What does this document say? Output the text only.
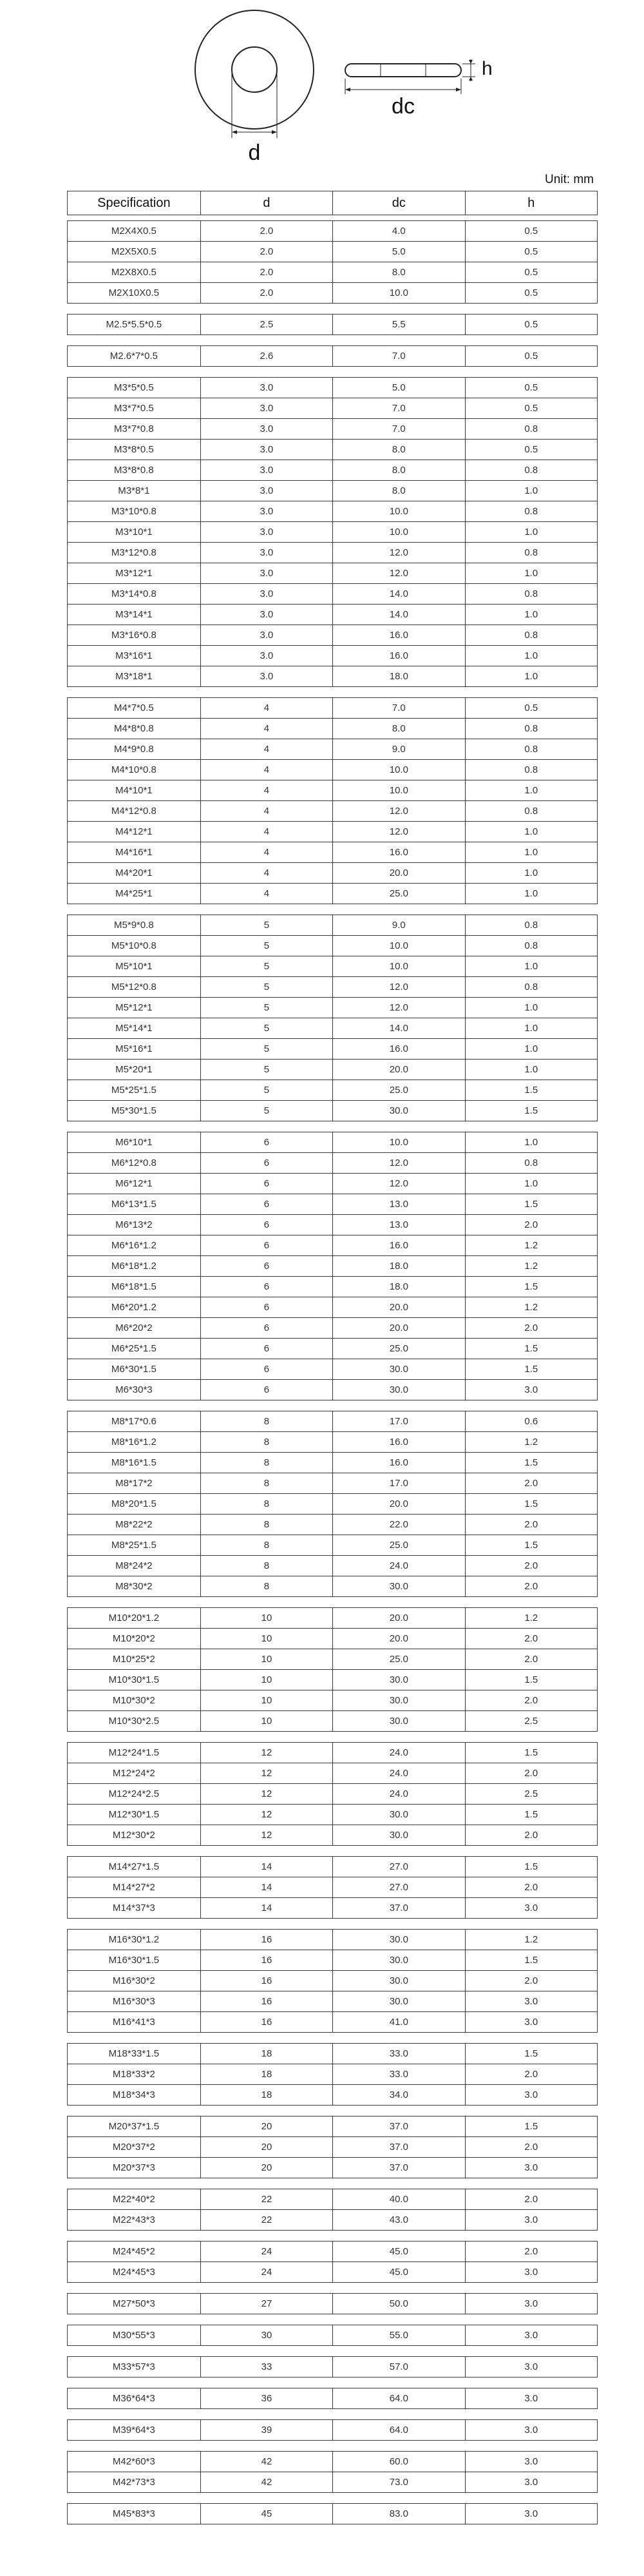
d
dc
h
Unit: mm
Specification	d	dc	h
M2X4X0.5	2.0	4.0	0.5
M2X5X0.5	2.0	5.0	0.5
M2X8X0.5	2.0	8.0	0.5
M2X10X0.5	2.0	10.0	0.5
M2.5*5.5*0.5	2.5	5.5	0.5
M2.6*7*0.5	2.6	7.0	0.5
M3*5*0.5	3.0	5.0	0.5
M3*7*0.5	3.0	7.0	0.5
M3*7*0.8	3.0	7.0	0.8
M3*8*0.5	3.0	8.0	0.5
M3*8*0.8	3.0	8.0	0.8
M3*8*1	3.0	8.0	1.0
M3*10*0.8	3.0	10.0	0.8
M3*10*1	3.0	10.0	1.0
M3*12*0.8	3.0	12.0	0.8
M3*12*1	3.0	12.0	1.0
M3*14*0.8	3.0	14.0	0.8
M3*14*1	3.0	14.0	1.0
M3*16*0.8	3.0	16.0	0.8
M3*16*1	3.0	16.0	1.0
M3*18*1	3.0	18.0	1.0
M4*7*0.5	4	7.0	0.5
M4*8*0.8	4	8.0	0.8
M4*9*0.8	4	9.0	0.8
M4*10*0.8	4	10.0	0.8
M4*10*1	4	10.0	1.0
M4*12*0.8	4	12.0	0.8
M4*12*1	4	12.0	1.0
M4*16*1	4	16.0	1.0
M4*20*1	4	20.0	1.0
M4*25*1	4	25.0	1.0
M5*9*0.8	5	9.0	0.8
M5*10*0.8	5	10.0	0.8
M5*10*1	5	10.0	1.0
M5*12*0.8	5	12.0	0.8
M5*12*1	5	12.0	1.0
M5*14*1	5	14.0	1.0
M5*16*1	5	16.0	1.0
M5*20*1	5	20.0	1.0
M5*25*1.5	5	25.0	1.5
M5*30*1.5	5	30.0	1.5
M6*10*1	6	10.0	1.0
M6*12*0.8	6	12.0	0.8
M6*12*1	6	12.0	1.0
M6*13*1.5	6	13.0	1.5
M6*13*2	6	13.0	2.0
M6*16*1.2	6	16.0	1.2
M6*18*1.2	6	18.0	1.2
M6*18*1.5	6	18.0	1.5
M6*20*1.2	6	20.0	1.2
M6*20*2	6	20.0	2.0
M6*25*1.5	6	25.0	1.5
M6*30*1.5	6	30.0	1.5
M6*30*3	6	30.0	3.0
M8*17*0.6	8	17.0	0.6
M8*16*1.2	8	16.0	1.2
M8*16*1.5	8	16.0	1.5
M8*17*2	8	17.0	2.0
M8*20*1.5	8	20.0	1.5
M8*22*2	8	22.0	2.0
M8*25*1.5	8	25.0	1.5
M8*24*2	8	24.0	2.0
M8*30*2	8	30.0	2.0
M10*20*1.2	10	20.0	1.2
M10*20*2	10	20.0	2.0
M10*25*2	10	25.0	2.0
M10*30*1.5	10	30.0	1.5
M10*30*2	10	30.0	2.0
M10*30*2.5	10	30.0	2.5
M12*24*1.5	12	24.0	1.5
M12*24*2	12	24.0	2.0
M12*24*2.5	12	24.0	2.5
M12*30*1.5	12	30.0	1.5
M12*30*2	12	30.0	2.0
M14*27*1.5	14	27.0	1.5
M14*27*2	14	27.0	2.0
M14*37*3	14	37.0	3.0
M16*30*1.2	16	30.0	1.2
M16*30*1.5	16	30.0	1.5
M16*30*2	16	30.0	2.0
M16*30*3	16	30.0	3.0
M16*41*3	16	41.0	3.0
M18*33*1.5	18	33.0	1.5
M18*33*2	18	33.0	2.0
M18*34*3	18	34.0	3.0
M20*37*1.5	20	37.0	1.5
M20*37*2	20	37.0	2.0
M20*37*3	20	37.0	3.0
M22*40*2	22	40.0	2.0
M22*43*3	22	43.0	3.0
M24*45*2	24	45.0	2.0
M24*45*3	24	45.0	3.0
M27*50*3	27	50.0	3.0
M30*55*3	30	55.0	3.0
M33*57*3	33	57.0	3.0
M36*64*3	36	64.0	3.0
M39*64*3	39	64.0	3.0
M42*60*3	42	60.0	3.0
M42*73*3	42	73.0	3.0
M45*83*3	45	83.0	3.0
